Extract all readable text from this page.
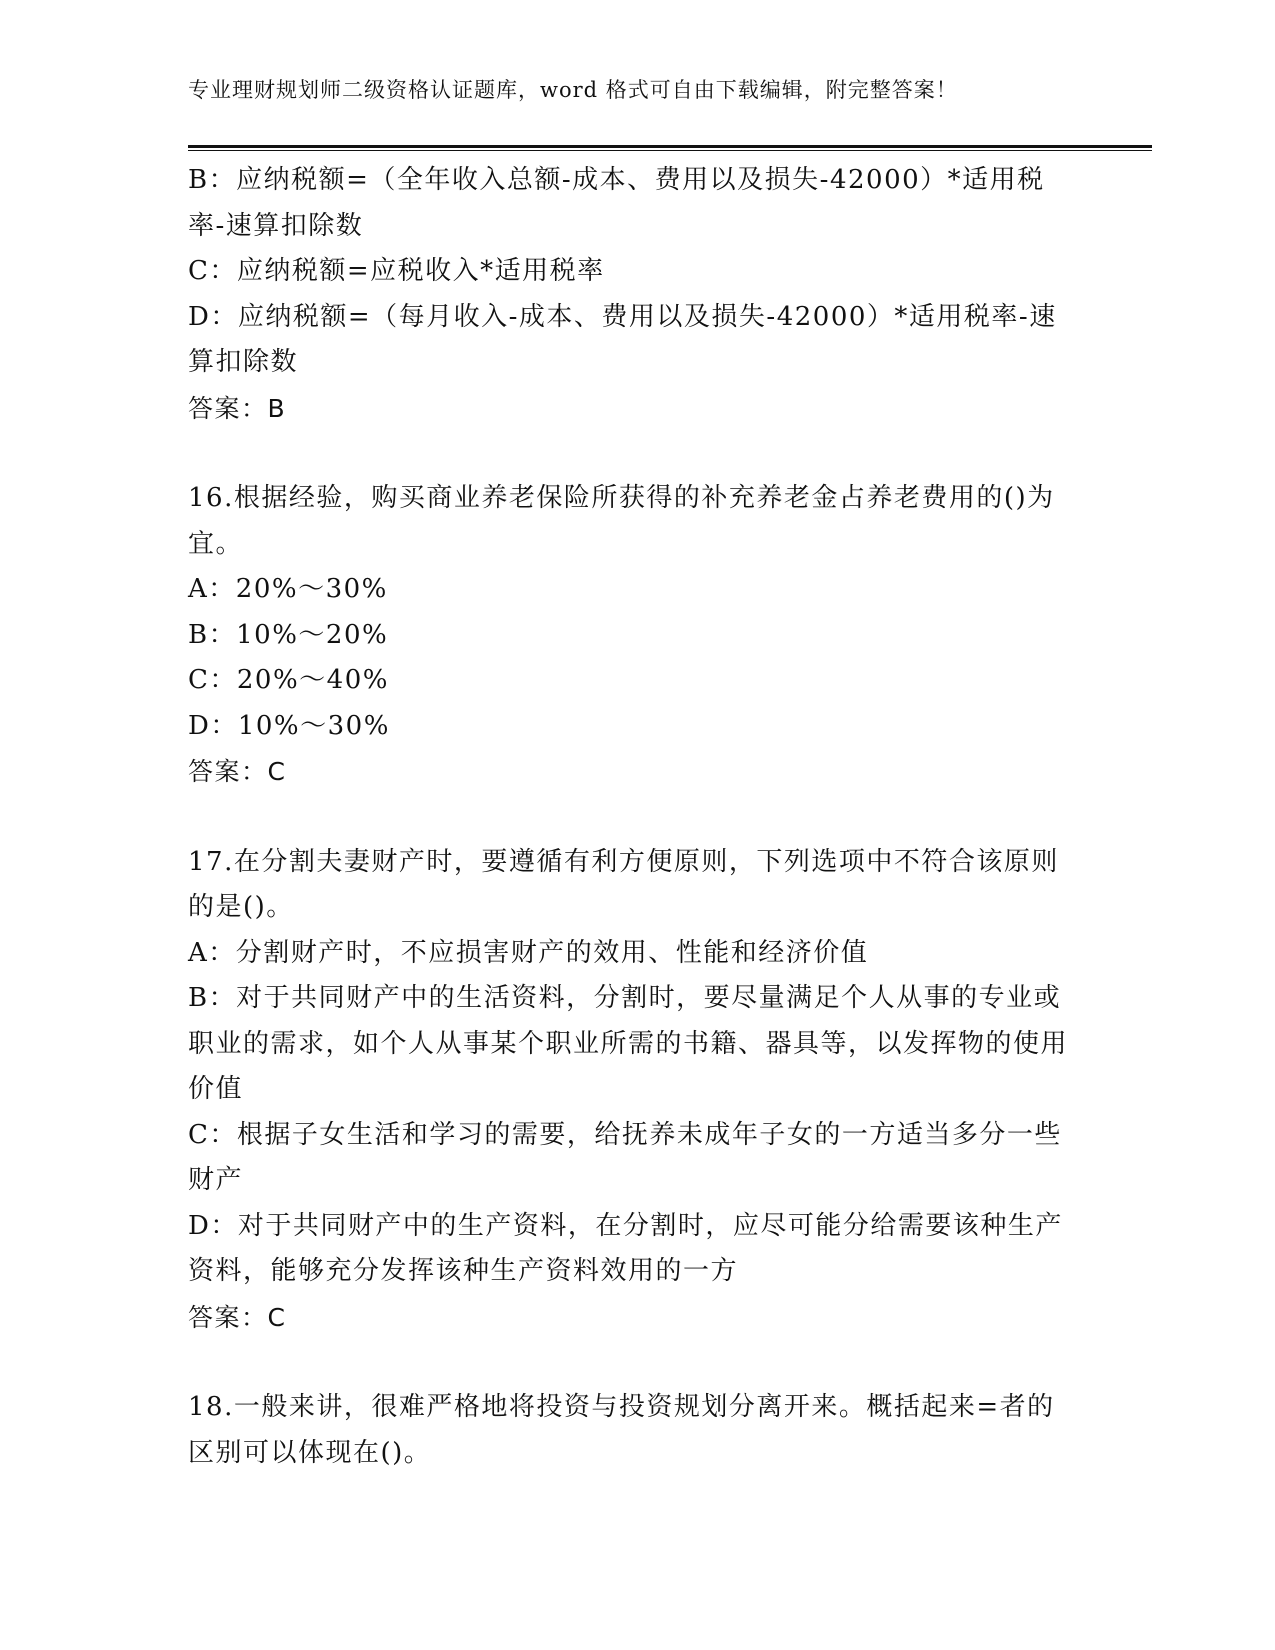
专业理财规划师二级资格认证题库，word 格式可自由下载编辑，附完整答案！

B：应纳税额=（全年收入总额-成本、费用以及损失-42000）*适用税率-速算扣除数

C：应纳税额=应税收入*适用税率

D：应纳税额=（每月收入-成本、费用以及损失-42000）*适用税率-速算扣除数

答案：B

16.根据经验，购买商业养老保险所获得的补充养老金占养老费用的()为宜。

A：20%～30%

B：10%～20%

C：20%～40%

D：10%～30%

答案：C

17.在分割夫妻财产时，要遵循有利方便原则，下列选项中不符合该原则的是()。

A：分割财产时，不应损害财产的效用、性能和经济价值

B：对于共同财产中的生活资料，分割时，要尽量满足个人从事的专业或职业的需求，如个人从事某个职业所需的书籍、器具等，以发挥物的使用价值

C：根据子女生活和学习的需要，给抚养未成年子女的一方适当多分一些财产

D：对于共同财产中的生产资料，在分割时，应尽可能分给需要该种生产资料，能够充分发挥该种生产资料效用的一方

答案：C

18.一般来讲，很难严格地将投资与投资规划分离开来。概括起来=者的区别可以体现在()。
